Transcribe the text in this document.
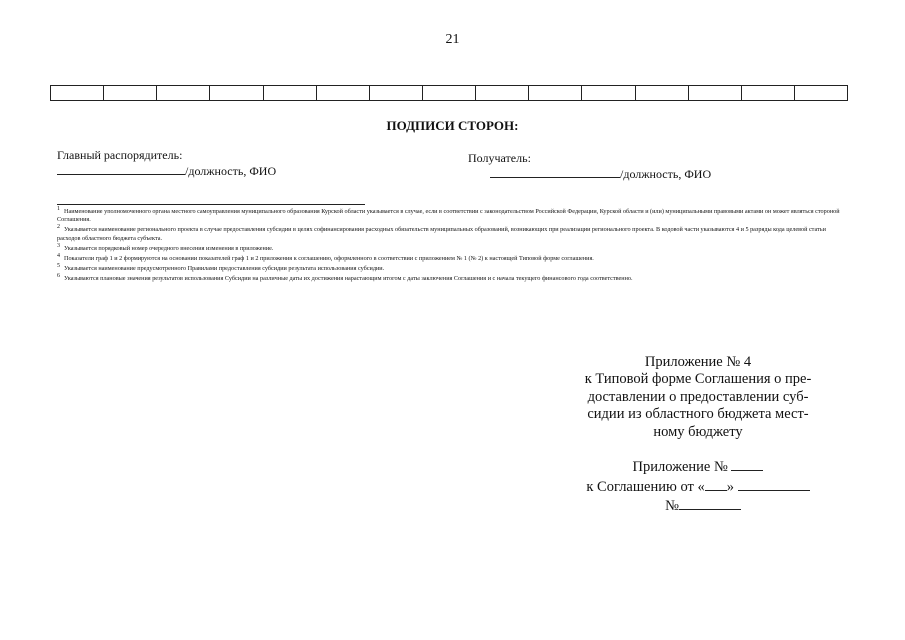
21
ПОДПИСИ СТОРОН:
Главный распорядитель:
/должность, ФИО
Получатель:
/должность, ФИО

$^1$ Наименование уполномоченного органа местного самоуправления муниципального образования Курской области указывается в случае, если в соответствии с законодательством Российской Федерации, Курской области и (или) муниципальными правовыми актами он может являться стороной Соглашения.

$^2$ Указывается наименование регионального проекта в случае предоставления субсидии в целях софинансирования расходных обязательств муниципальных образований, возникающих при реализации регионального проекта. В кодовой части указываются 4 и 5 разряды кода целевой статьи расходов областного бюджета субъекта.

$^3$ Указывается порядковый номер очередного внесения изменения в приложение.

$^4$ Показатели граф 1 и 2 формируются на основании показателей граф 1 и 2 приложения к соглашению, оформленного в соответствии с приложением № 1 (№ 2) к настоящей Типовой форме соглашения.

$^5$ Указывается наименование предусмотренного Правилами предоставления субсидии результата использования субсидии.

$^6$ Указываются плановые значения результатов использования Субсидии на различные даты их достижения нарастающим итогом с даты заключения Соглашения и с начала текущего финансового года соответственно.

Приложение № 4

к Типовой форме Соглашения о пре-

доставлении о предоставлении суб-

сидии из областного бюджета мест-

ному бюджету

Приложение №

к Соглашению от « »

№
